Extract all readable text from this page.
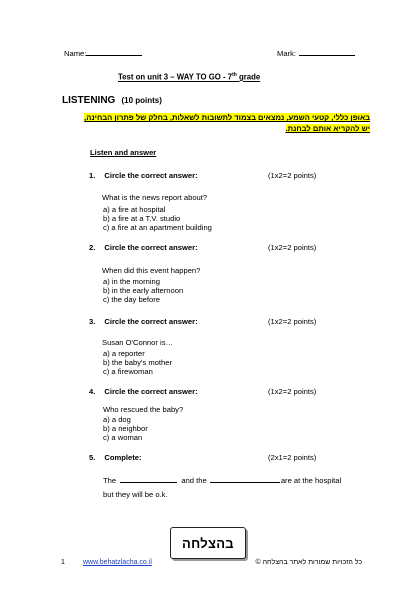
Name:	Mark:
Test on unit 3 – WAY TO GO - 7th grade
LISTENING (10 points)
באופן כללי, קטעי השמע, נמצאים בצמוד לתשובות לשאלות, בחלק של פתרון הבחינה,
יש להקריא אותם לבחנת.
Listen and answer
1. Circle the correct answer:	(1x2=2 points)
What is the news report about?
a) a fire at hospital
b) a fire at a T.V. studio
c) a fire at an apartment building
2. Circle the correct answer:	(1x2=2 points)
When did this event happen?
a) in the morning
b) in the early afternoon
c) the day before
3. Circle the correct answer:	(1x2=2 points)
Susan O'Connor is…
a) a reporter
b) the baby's mother
c) a firewoman
4. Circle the correct answer:	(1x2=2 points)
Who rescued the baby?
a) a dog
b) a neighbor
c) a woman
5. Complete:	(2x1=2 points)
The	and the	are at the hospital
but they will be o.k.
בהצלחה
1	www.behatzlacha.co.il	כל הזכויות שמורות לאתר בהצלחה ©
